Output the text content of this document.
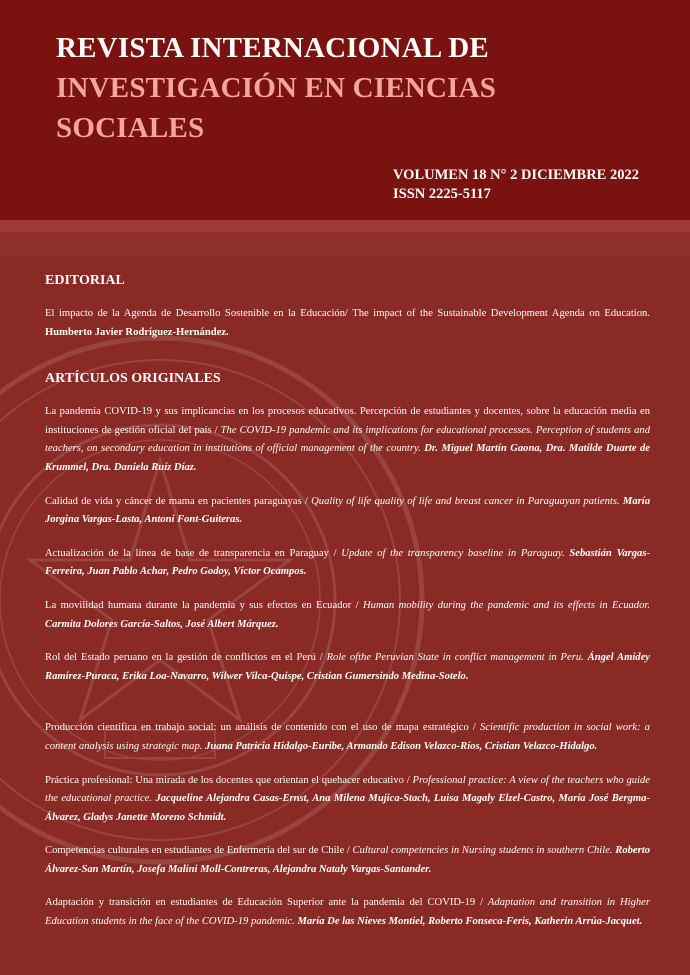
REVISTA INTERNACIONAL DE
INVESTIGACIÓN EN CIENCIAS
SOCIALES
VOLUMEN 18 N° 2 DICIEMBRE 2022
ISSN 2225-5117
EDITORIAL

El impacto de la Agenda de Desarrollo Sostenible en la Educación/ The impact of the Sustainable Development Agenda on Education. Humberto Javier Rodríguez-Hernández.

ARTÍCULOS ORIGINALES

La pandemia COVID-19 y sus implicancias en los procesos educativos. Percepción de estudiantes y docentes, sobre la educación media en instituciones de gestión oficial del país / The COVID-19 pandemic and its implications for educational processes. Perception of students and teachers, on secondary education in institutions of official management of the country. Dr. Miguel Martín Gaona, Dra. Matilde Duarte de Krummel, Dra. Daniela Ruíz Díaz.

Calidad de vida y cáncer de mama en pacientes paraguayas / Quality of life quality of life and breast cancer in Paraguayan patients. María Jorgina Vargas-Lasta, Antoni Font-Guiteras.

Actualización de la línea de base de transparencia en Paraguay / Update of the transparency baseline in Paraguay. Sebastián Vargas-Ferreira, Juan Pablo Achar, Pedro Godoy, Víctor Ocampos.

La movilidad humana durante la pandemia y sus efectos en Ecuador / Human mobility during the pandemic and its effects in Ecuador. Carmita Dolores García-Saltos, José Albert Márquez.

Rol del Estado peruano en la gestión de conflictos en el Perú / Role ofthe Peruvian State in conflict management in Peru. Ángel Amidey Ramírez-Puraca, Erika Loa-Navarro, Wilwer Vilca-Quispe, Cristian Gumersindo Medina-Sotelo.

Producción científica en trabajo social: un análisis de contenido con el uso de mapa estratégico / Scientific production in social work: a content analysis using strategic map. Juana Patricia Hidalgo-Euribe, Armando Edison Velazco-Ríos, Cristian Velazco-Hidalgo.

Práctica profesional: Una mirada de los docentes que orientan el quehacer educativo / Professional practice: A view of the teachers who guide the educational practice. Jacqueline Alejandra Casas-Ernst, Ana Milena Mujica-Stach, Luisa Magaly Elzel-Castro, María José Bergma-Álvarez, Gladys Janette Moreno Schmidt.

Competencias culturales en estudiantes de Enfermería del sur de Chile / Cultural competencies in Nursing students in southern Chile. Roberto Álvarez-San Martín, Josefa Malini Moll-Contreras, Alejandra Nataly Vargas-Santander.

Adaptación y transición en estudiantes de Educación Superior ante la pandemia del COVID-19 / Adaptation and transition in Higher Education students in the face of the COVID-19 pandemic. María De las Nieves Montiel, Roberto Fonseca-Feris, Katherin Arrúa-Jacquet.
